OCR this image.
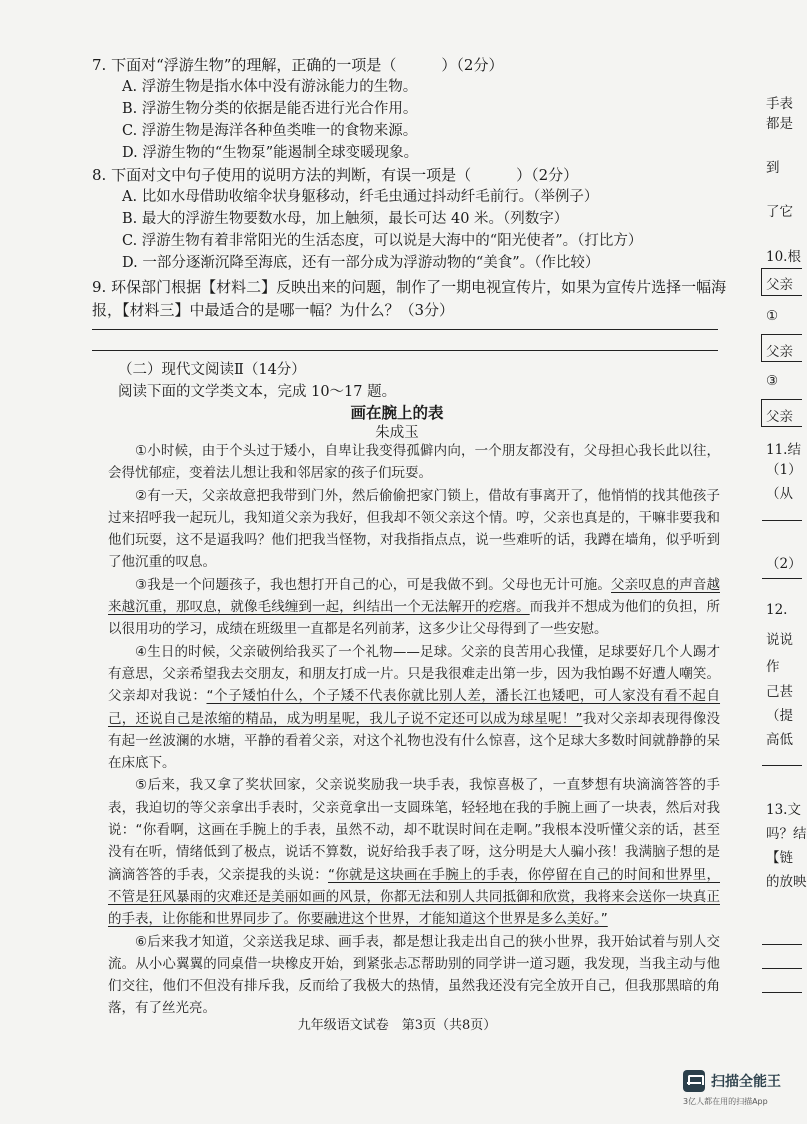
7. 下面对“浮游生物”的理解，正确的一项是（　　　）（2分）

A. 浮游生物是指水体中没有游泳能力的生物。

B. 浮游生物分类的依据是能否进行光合作用。

C. 浮游生物是海洋各种鱼类唯一的食物来源。

D. 浮游生物的“生物泵”能遏制全球变暖现象。

8. 下面对文中句子使用的说明方法的判断，有误一项是（　　　）（2分）

A. 比如水母借助收缩伞状身躯移动，纤毛虫通过抖动纤毛前行。（举例子）

B. 最大的浮游生物要数水母，加上触须，最长可达 40 米。（列数字）

C. 浮游生物有着非常阳光的生活态度，可以说是大海中的“阳光使者”。（打比方）

D. 一部分逐渐沉降至海底，还有一部分成为浮游动物的“美食”。（作比较）

9. 环保部门根据【材料二】反映出来的问题，制作了一期电视宣传片，如果为宣传片选择一幅海报，【材料三】中最适合的是哪一幅？为什么？（3分）

（二）现代文阅读Ⅱ（14分）
阅读下面的文学类文本，完成 10～17 题。
画在腕上的表
朱成玉

①小时候，由于个头过于矮小，自卑让我变得孤僻内向，一个朋友都没有，父母担心我长此以往，会得忧郁症，变着法儿想让我和邻居家的孩子们玩耍。

②有一天，父亲故意把我带到门外，然后偷偷把家门锁上，借故有事离开了，他悄悄的找其他孩子过来招呼我一起玩儿，我知道父亲为我好，但我却不领父亲这个情。哼，父亲也真是的，干嘛非要我和他们玩耍，这不是逼我吗？他们把我当怪物，对我指指点点，说一些难听的话，我蹲在墙角，似乎听到了他沉重的叹息。

③我是一个问题孩子，我也想打开自己的心，可是我做不到。父母也无计可施。父亲叹息的声音越来越沉重，那叹息，就像毛线缠到一起，纠结出一个无法解开的疙瘩。而我并不想成为他们的负担，所以很用功的学习，成绩在班级里一直都是名列前茅，这多少让父母得到了一些安慰。

④生日的时候，父亲破例给我买了一个礼物——足球。父亲的良苦用心我懂，足球要好几个人踢才有意思，父亲希望我去交朋友，和朋友打成一片。只是我很难走出第一步，因为我怕踢不好遭人嘲笑。父亲却对我说：“个子矮怕什么，个子矮不代表你就比别人差，潘长江也矮吧，可人家没有看不起自己，还说自己是浓缩的精品，成为明星呢，我儿子说不定还可以成为球星呢！”我对父亲却表现得像没有起一丝波澜的水塘，平静的看着父亲，对这个礼物也没有什么惊喜，这个足球大多数时间就静静的呆在床底下。

⑤后来，我又拿了奖状回家，父亲说奖励我一块手表，我惊喜极了，一直梦想有块滴滴答答的手表，我迫切的等父亲拿出手表时，父亲竟拿出一支圆珠笔，轻轻地在我的手腕上画了一块表，然后对我说：“你看啊，这画在手腕上的手表，虽然不动，却不耽误时间在走啊。”我根本没听懂父亲的话，甚至没有在听，情绪低到了极点，说话不算数，说好给我手表了呀，这分明是大人骗小孩！我满脑子想的是滴滴答答的手表，父亲提我的头说：“你就是这块画在手腕上的手表，你停留在自己的时间和世界里，不管是狂风暴雨的灾难还是美丽如画的风景，你都无法和别人共同抵御和欣赏，我将来会送你一块真正的手表，让你能和世界同步了。你要融进这个世界，才能知道这个世界是多么美好。”

⑥后来我才知道，父亲送我足球、画手表，都是想让我走出自己的狭小世界，我开始试着与别人交流。从小心翼翼的同桌借一块橡皮开始，到紧张忐忑帮助别的同学讲一道习题，我发现，当我主动与他们交往，他们不但没有排斥我，反而给了我极大的热情，虽然我还没有完全放开自己，但我那黑暗的角落，有了丝光亮。

九年级语文试卷　第3页（共8页）
手表
都是
到
了它
10.根
父亲
①
父亲
③
父亲
11.结
（1）
（从
（2）
12.
说说
作
己甚
（提
高低
13.文
吗？结
【链
的放映
扫描全能王
3亿人都在用的扫描App
